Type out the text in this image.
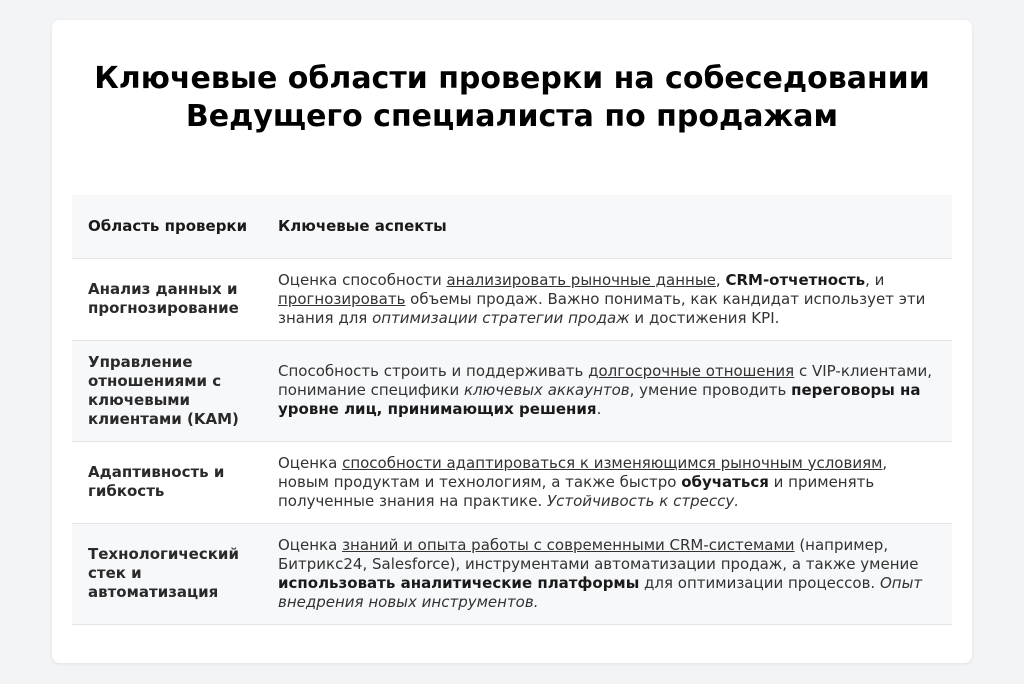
Ключевые области проверки на собеседовании Ведущего специалиста по продажам
Область проверки	Ключевые аспекты
Анализ данных и прогнозирование	Оценка способности анализировать рыночные данные, CRM-отчетность, и прогнозировать объемы продаж. Важно понимать, как кандидат использует эти знания для оптимизации стратегии продаж и достижения KPI.
Управление отношениями с ключевыми клиентами (KAM)	Способность строить и поддерживать долгосрочные отношения с VIP-клиентами, понимание специфики ключевых аккаунтов, умение проводить переговоры на уровне лиц, принимающих решения.
Адаптивность и гибкость	Оценка способности адаптироваться к изменяющимся рыночным условиям, новым продуктам и технологиям, а также быстро обучаться и применять полученные знания на практике. Устойчивость к стрессу.
Технологический стек и автоматизация	Оценка знаний и опыта работы с современными CRM-системами (например, Битрикс24, Salesforce), инструментами автоматизации продаж, а также умение использовать аналитические платформы для оптимизации процессов. Опыт внедрения новых инструментов.
